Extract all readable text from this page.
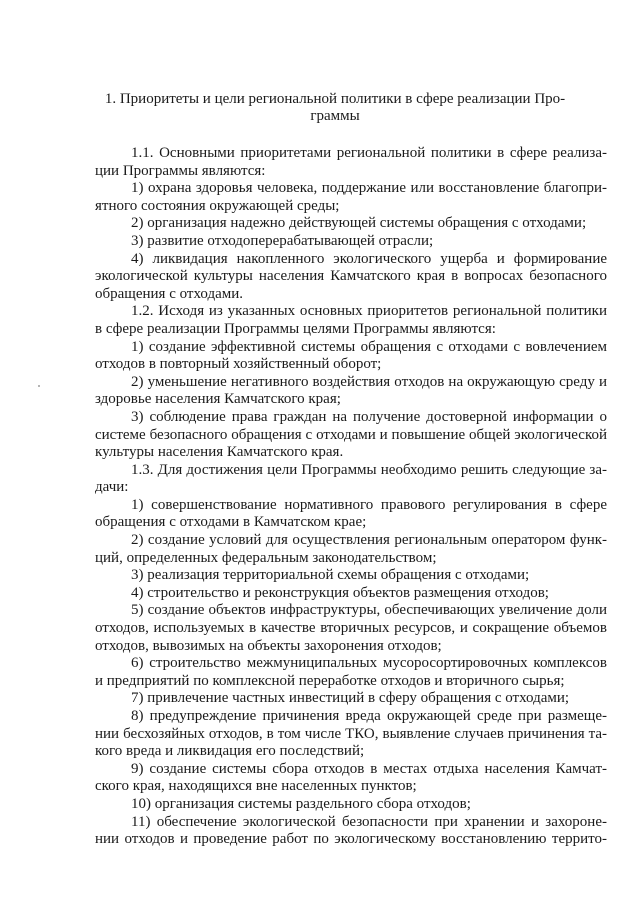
1. Приоритеты и цели региональной политики в сфере реализации Про-
граммы
1.1. Основными приоритетами региональной политики в сфере реализа-
ции Программы являются:
1) охрана здоровья человека, поддержание или восстановление благопри-
ятного состояния окружающей среды;
2) организация надежно действующей системы обращения с отходами;
3) развитие отходоперерабатывающей отрасли;
4) ликвидация накопленного экологического ущерба и формирование
экологической культуры населения Камчатского края в вопросах безопасного
обращения с отходами.
1.2. Исходя из указанных основных приоритетов региональной политики
в сфере реализации Программы целями Программы являются:
1) создание эффективной системы обращения с отходами с вовлечением
отходов в повторный хозяйственный оборот;
2) уменьшение негативного воздействия отходов на окружающую среду и
здоровье населения Камчатского края;
3) соблюдение права граждан на получение достоверной информации о
системе безопасного обращения с отходами и повышение общей экологической
культуры населения Камчатского края.
1.3. Для достижения цели Программы необходимо решить следующие за-
дачи:
1) совершенствование нормативного правового регулирования в сфере
обращения с отходами в Камчатском крае;
2) создание условий для осуществления региональным оператором функ-
ций, определенных федеральным законодательством;
3) реализация территориальной схемы обращения с отходами;
4) строительство и реконструкция объектов размещения отходов;
5) создание объектов инфраструктуры, обеспечивающих увеличение доли
отходов, используемых в качестве вторичных ресурсов, и сокращение объемов
отходов, вывозимых на объекты захоронения отходов;
6) строительство межмуниципальных мусоросортировочных комплексов
и предприятий по комплексной переработке отходов и вторичного сырья;
7) привлечение частных инвестиций в сферу обращения с отходами;
8) предупреждение причинения вреда окружающей среде при размеще-
нии бесхозяйных отходов, в том числе ТКО, выявление случаев причинения та-
кого вреда и ликвидация его последствий;
9) создание системы сбора отходов в местах отдыха населения Камчат-
ского края, находящихся вне населенных пунктов;
10) организация системы раздельного сбора отходов;
11) обеспечение экологической безопасности при хранении и захороне-
нии отходов и проведение работ по экологическому восстановлению террито-
